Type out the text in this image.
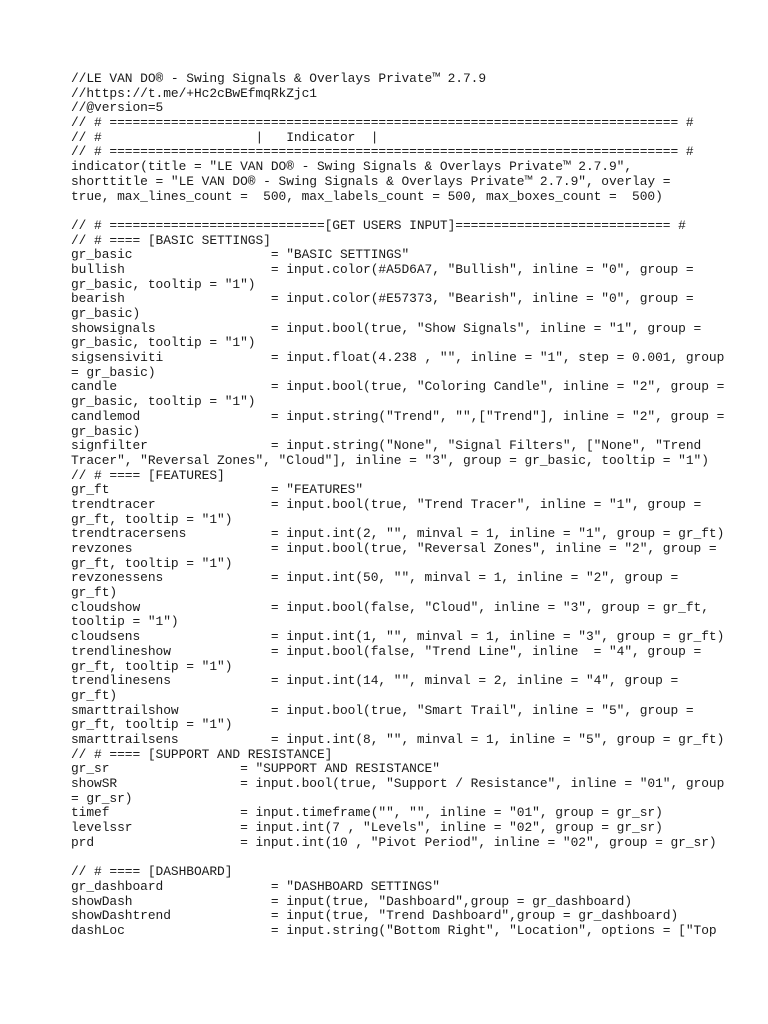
//LE VAN DO® - Swing Signals & Overlays Private™ 2.7.9
//https://t.me/+Hc2cBwEfmqRkZjc1
//@version=5
// # ========================================================================== #
// #                    |   Indicator  |
// # ========================================================================== #
indicator(title = "LE VAN DO® - Swing Signals & Overlays Private™ 2.7.9",
shorttitle = "LE VAN DO® - Swing Signals & Overlays Private™ 2.7.9", overlay =
true, max_lines_count =  500, max_labels_count = 500, max_boxes_count =  500)
// # ============================[GET USERS INPUT]============================ #
// # ==== [BASIC SETTINGS]
gr_basic                  = "BASIC SETTINGS"
bullish                   = input.color(#A5D6A7, "Bullish", inline = "0", group =
gr_basic, tooltip = "1")
bearish                   = input.color(#E57373, "Bearish", inline = "0", group =
gr_basic)
showsignals               = input.bool(true, "Show Signals", inline = "1", group =
gr_basic, tooltip = "1")
sigsensiviti              = input.float(4.238 , "", inline = "1", step = 0.001, group
= gr_basic)
candle                    = input.bool(true, "Coloring Candle", inline = "2", group =
gr_basic, tooltip = "1")
candlemod                 = input.string("Trend", "",["Trend"], inline = "2", group =
gr_basic)
signfilter                = input.string("None", "Signal Filters", ["None", "Trend
Tracer", "Reversal Zones", "Cloud"], inline = "3", group = gr_basic, tooltip = "1")
// # ==== [FEATURES]
gr_ft                     = "FEATURES"
trendtracer               = input.bool(true, "Trend Tracer", inline = "1", group =
gr_ft, tooltip = "1")
trendtracersens           = input.int(2, "", minval = 1, inline = "1", group = gr_ft)
revzones                  = input.bool(true, "Reversal Zones", inline = "2", group =
gr_ft, tooltip = "1")
revzonessens              = input.int(50, "", minval = 1, inline = "2", group =
gr_ft)
cloudshow                 = input.bool(false, "Cloud", inline = "3", group = gr_ft,
tooltip = "1")
cloudsens                 = input.int(1, "", minval = 1, inline = "3", group = gr_ft)
trendlineshow             = input.bool(false, "Trend Line", inline  = "4", group =
gr_ft, tooltip = "1")
trendlinesens             = input.int(14, "", minval = 2, inline = "4", group =
gr_ft)
smarttrailshow            = input.bool(true, "Smart Trail", inline = "5", group =
gr_ft, tooltip = "1")
smarttrailsens            = input.int(8, "", minval = 1, inline = "5", group = gr_ft)
// # ==== [SUPPORT AND RESISTANCE]
gr_sr                 = "SUPPORT AND RESISTANCE"
showSR                = input.bool(true, "Support / Resistance", inline = "01", group
= gr_sr)
timef                 = input.timeframe("", "", inline = "01", group = gr_sr)
levelssr              = input.int(7 , "Levels", inline = "02", group = gr_sr)
prd                   = input.int(10 , "Pivot Period", inline = "02", group = gr_sr)
// # ==== [DASHBOARD]
gr_dashboard              = "DASHBOARD SETTINGS"
showDash                  = input(true, "Dashboard",group = gr_dashboard)
showDashtrend             = input(true, "Trend Dashboard",group = gr_dashboard)
dashLoc                   = input.string("Bottom Right", "Location", options = ["Top
